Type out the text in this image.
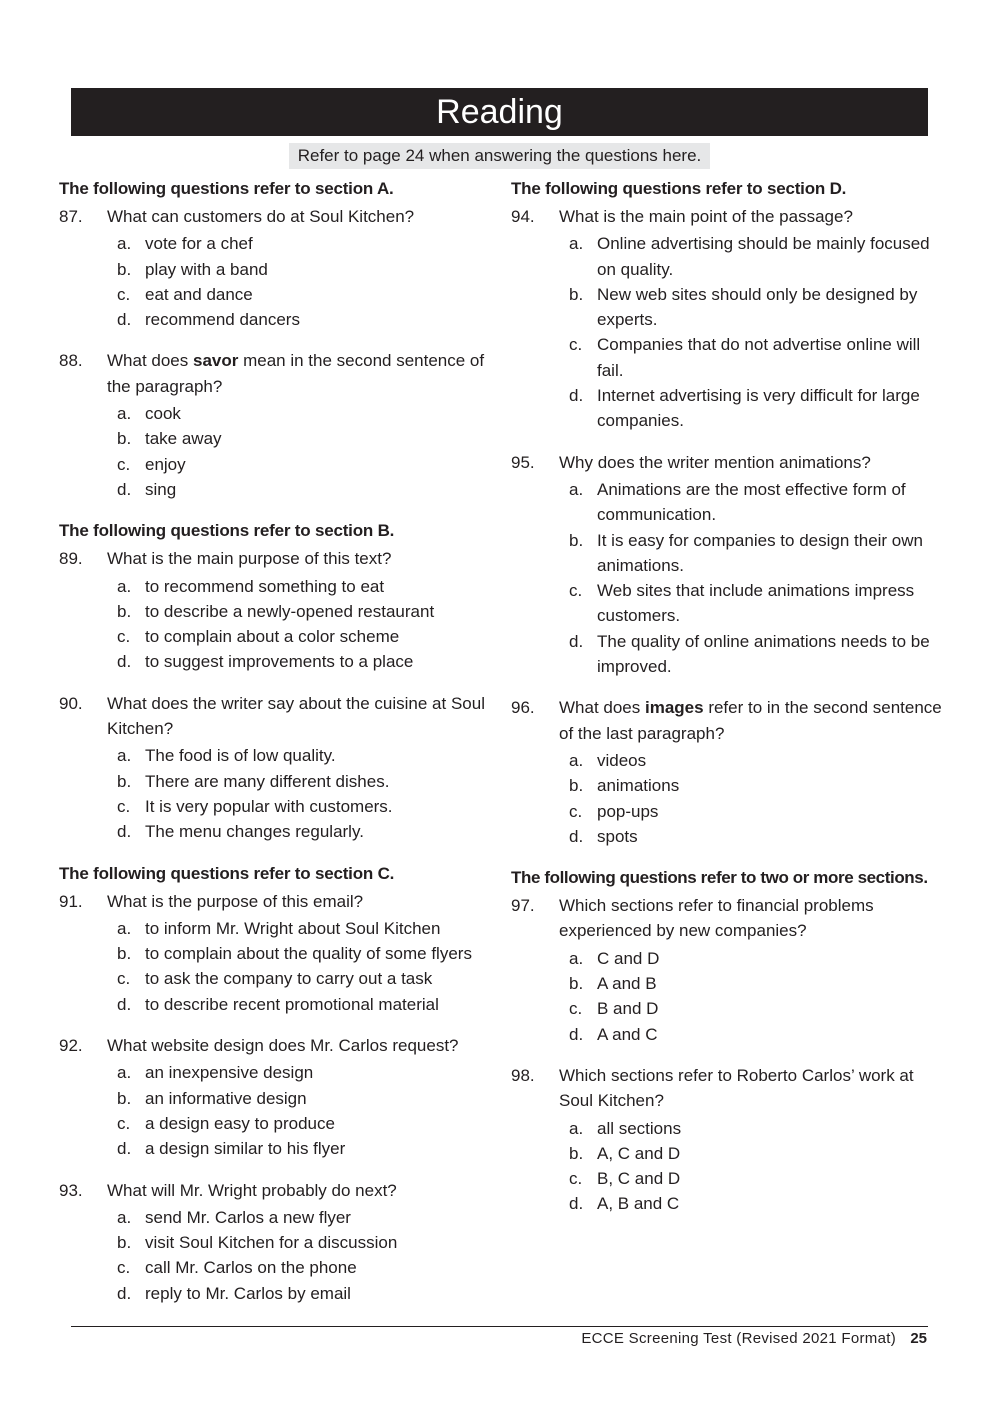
Reading
Refer to page 24 when answering the questions here.
The following questions refer to section A.
87.	What can customers do at Soul Kitchen?
a. vote for a chef
b. play with a band
c. eat and dance
d. recommend dancers
88.	What does savor mean in the second sentence of the paragraph?
a. cook
b. take away
c. enjoy
d. sing
The following questions refer to section B.
89.	What is the main purpose of this text?
a. to recommend something to eat
b. to describe a newly-opened restaurant
c. to complain about a color scheme
d. to suggest improvements to a place
90.	What does the writer say about the cuisine at Soul Kitchen?
a. The food is of low quality.
b. There are many different dishes.
c. It is very popular with customers.
d. The menu changes regularly.
The following questions refer to section C.
91.	What is the purpose of this email?
a. to inform Mr. Wright about Soul Kitchen
b. to complain about the quality of some flyers
c. to ask the company to carry out a task
d. to describe recent promotional material
92.	What website design does Mr. Carlos request?
a. an inexpensive design
b. an informative design
c. a design easy to produce
d. a design similar to his flyer
93.	What will Mr. Wright probably do next?
a. send Mr. Carlos a new flyer
b. visit Soul Kitchen for a discussion
c. call Mr. Carlos on the phone
d. reply to Mr. Carlos by email
The following questions refer to section D.
94.	What is the main point of the passage?
a. Online advertising should be mainly focused on quality.
b. New web sites should only be designed by experts.
c. Companies that do not advertise online will fail.
d. Internet advertising is very difficult for large companies.
95.	Why does the writer mention animations?
a. Animations are the most effective form of communication.
b. It is easy for companies to design their own animations.
c. Web sites that include animations impress customers.
d. The quality of online animations needs to be improved.
96.	What does images refer to in the second sentence of the last paragraph?
a. videos
b. animations
c. pop-ups
d. spots
The following questions refer to two or more sections.
97.	Which sections refer to financial problems experienced by new companies?
a. C and D
b. A and B
c. B and D
d. A and C
98.	Which sections refer to Roberto Carlos’ work at Soul Kitchen?
a. all sections
b. A, C and D
c. B, C and D
d. A, B and C
ECCE Screening Test (Revised 2021 Format) 25
